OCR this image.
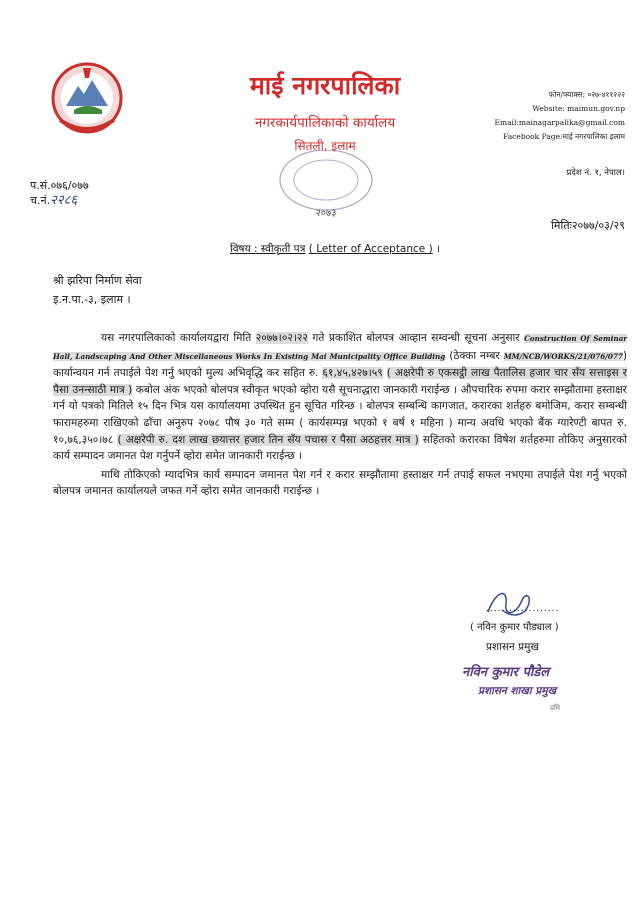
माई नगरपालिका
नगरकार्यपालिकाको कार्यालय
सितली, इलाम
२०७३
फोन/फ्याक्स: ०२७-४११२२२
Website: maimun.gov.np
Email:mainagarpalika@gmail.com
Facebook Page:माई नगरपालिका इलाम
प्रदेश नं. १, नेपाल।
प.सं.०७६/०७७
च.नं.२२८६
मितिः२०७७/०३/२९
विषय : स्वीकृती पत्र ( Letter of Acceptance ) ।
श्री झरिपा निर्माण सेवा
इ.न.पा.-३, इलाम ।

यस नगरपालिकाको कार्यालयद्वारा मिति २०७७।०२।२२ गते प्रकाशित बोलपत्र आव्हान सम्वन्धी सूचना अनुसार Construction Of Seminar Hall, Landscaping And Other Miscellaneous Works In Existing Mai Municipality Office Building (ठेक्का नम्बर MM/NCB/WORKS/21/076/077) कार्यान्वयन गर्न तपाईले पेश गर्नु भएको मुल्य अभिवृद्धि कर सहित रु. ६१,४५,४२७।५९ ( अक्षरेपी रु एकसट्ठी लाख पैतालिस हजार चार सँय सत्ताइस र पैसा उनन्साठी मात्र ) कबोल अंक भएको बोलपत्र स्वीकृत भएको व्होरा यसै सूचनाद्धारा जानकारी गराईन्छ । औपचारिक रुपमा करार सम्झौतामा हस्ताक्षर गर्न यो पत्रको मितिले १५ दिन भित्र यस कार्यालयमा उपस्थित हुन सूचित गरिन्छ । बोलपत्र सम्बन्धि कागजात, करारका शर्तहरु बमोजिम, करार सम्बन्धी फारामहरुमा राखिएको ढाँचा अनुरुप २०७८ पौष ३० गते सम्म ( कार्यसम्पन्न भएको १ बर्ष १ महिना ) मान्य अवधि भएको बैंक ग्यारेण्टी बापत रु. १०,७६,३५०।७८ ( अक्षरेपी रु. दश लाख छयात्तर हजार तिन सँय पचास र पैसा अठहत्तर मात्र ) सहितको करारका विषेश शर्तहरुमा तोकिए अनुसारको कार्य सम्पादन जमानत पेश गर्नुपर्ने व्होरा समेत जानकारी गराईन्छ ।

माथि तोकिएको म्यादभित्र कार्य सम्पादन जमानत पेश गर्न र करार सम्झौतामा हस्ताक्षर गर्न तपाई सफल नभएमा तपाईले पेश गर्नु भएको बोलपत्र जमानत कार्यालयले जफत गर्ने व्होरा समेत जानकारी गराईन्छ ।

...................
( नविन कुमार पौड्याल )
प्रशासन प्रमुख
नविन कुमार पौडेल
प्रशासन शाखा प्रमुख
प्रमि
